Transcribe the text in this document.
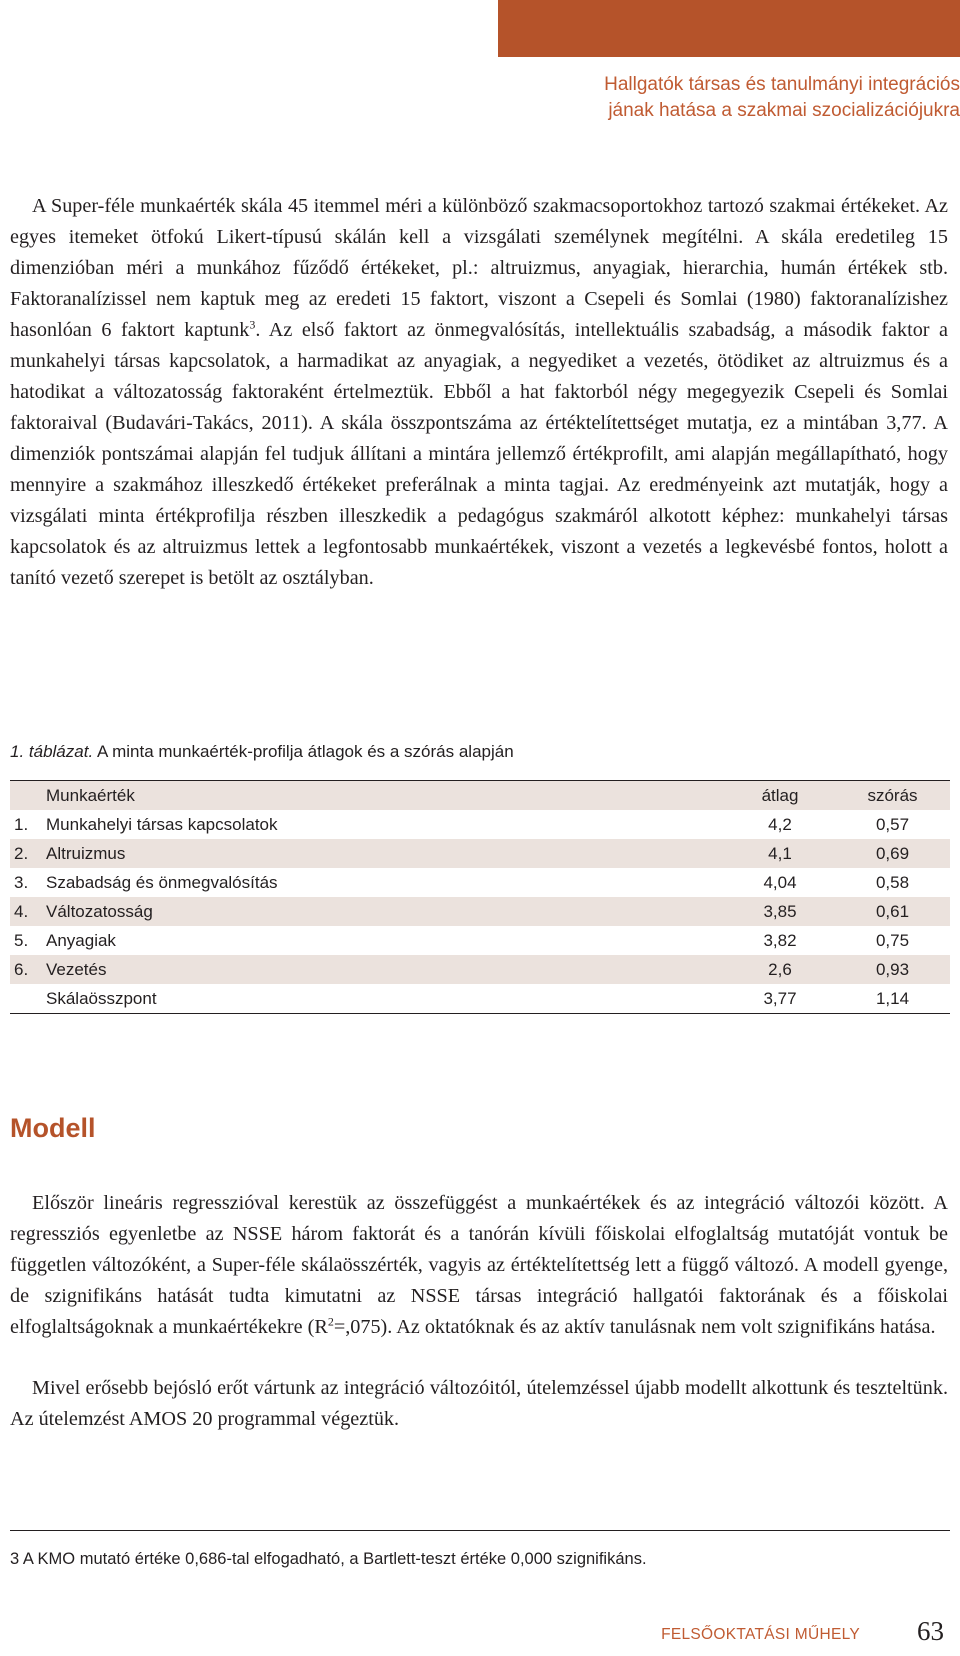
Hallgatók társas és tanulmányi integrációs
jának hatása a szakmai szocializációjukra

A Super-féle munkaérték skála 45 itemmel méri a különböző szakmacsoportokhoz tartozó szakmai értékeket. Az egyes itemeket ötfokú Likert-típusú skálán kell a vizsgálati személynek megítélni. A skála eredetileg 15 dimenzióban méri a munkához fűződő értékeket, pl.: altruizmus, anyagiak, hierarchia, humán értékek stb. Faktoranalízissel nem kaptuk meg az eredeti 15 faktort, viszont a Csepeli és Somlai (1980) faktoranalízishez hasonlóan 6 faktort kaptunk$^3$. Az első faktort az önmegvalósítás, intellektuális szabadság, a második faktor a munkahelyi társas kapcsolatok, a harmadikat az anyagiak, a negyediket a vezetés, ötödiket az altruizmus és a hatodikat a változatosság faktoraként értelmeztük. Ebből a hat faktorból négy megegyezik Csepeli és Somlai faktoraival (Budavári-Takács, 2011). A skála összpontszáma az értéktelítettséget mutatja, ez a mintában 3,77. A dimenziók pontszámai alapján fel tudjuk állítani a mintára jellemző értékprofilt, ami alapján megállapítható, hogy mennyire a szakmához illeszkedő értékeket preferálnak a minta tagjai. Az eredményeink azt mutatják, hogy a vizsgálati minta értékprofilja részben illeszkedik a pedagógus szakmáról alkotott képhez: munkahelyi társas kapcsolatok és az altruizmus lettek a legfontosabb munkaértékek, viszont a vezetés a legkevésbé fontos, holott a tanító vezető szerepet is betölt az osztályban.

1. táblázat. A minta munkaérték-profilja átlagok és a szórás alapján
	Munkaérték	átlag	szórás
1.	Munkahelyi társas kapcsolatok	4,2	0,57
2.	Altruizmus	4,1	0,69
3.	Szabadság és önmegvalósítás	4,04	0,58
4.	Változatosság	3,85	0,61
5.	Anyagiak	3,82	0,75
6.	Vezetés	2,6	0,93
	Skálaösszpont	3,77	1,14
Modell

Először lineáris regresszióval kerestük az összefüggést a munkaértékek és az integráció változói között. A regressziós egyenletbe az NSSE három faktorát és a tanórán kívüli főiskolai elfoglaltság mutatóját vontuk be független változóként, a Super-féle skálaösszérték, vagyis az értéktelítettség lett a függő változó. A modell gyenge, de szignifikáns hatását tudta kimutatni az NSSE társas integráció hallgatói faktorának és a főiskolai elfoglaltságoknak a munkaértékekre $(R^2=,075)$. Az oktatóknak és az aktív tanulásnak nem volt szignifikáns hatása.

Mivel erősebb bejósló erőt vártunk az integráció változóitól, útelemzéssel újabb modellt alkottunk és teszteltünk. Az útelemzést AMOS 20 programmal végeztük.

3 A KMO mutató értéke 0,686-tal elfogadható, a Bartlett-teszt értéke 0,000 szignifikáns.
FELSŐOKTATÁSI MŰHELY 63
